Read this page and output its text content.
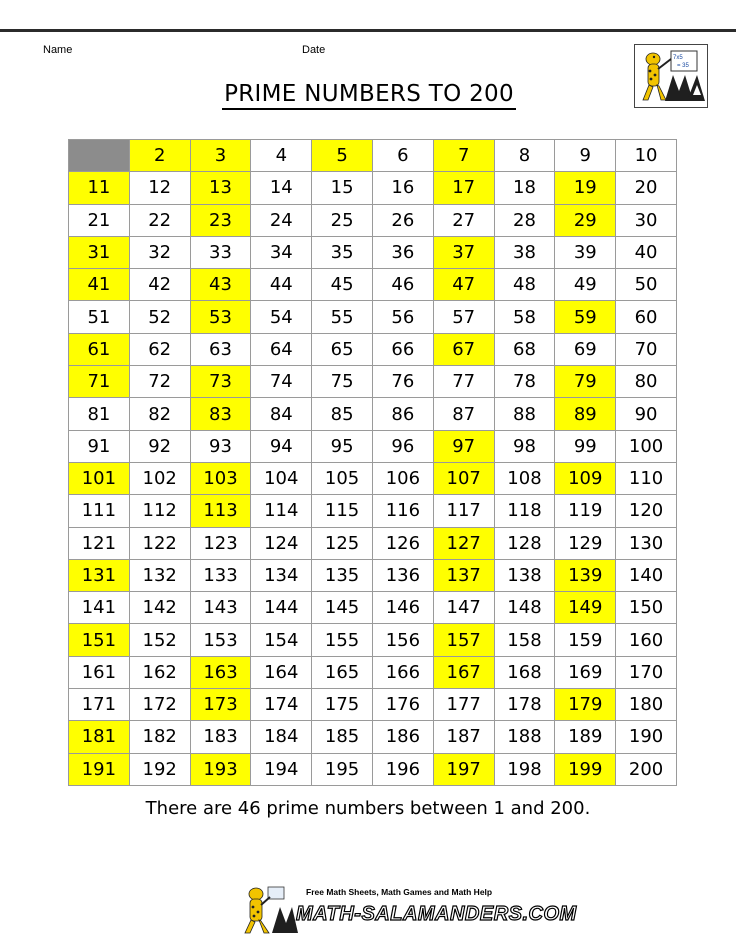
Name	Date
PRIME NUMBERS TO 200
7x5
= 35
	2	3	4	5	6	7	8	9	10
11	12	13	14	15	16	17	18	19	20
21	22	23	24	25	26	27	28	29	30
31	32	33	34	35	36	37	38	39	40
41	42	43	44	45	46	47	48	49	50
51	52	53	54	55	56	57	58	59	60
61	62	63	64	65	66	67	68	69	70
71	72	73	74	75	76	77	78	79	80
81	82	83	84	85	86	87	88	89	90
91	92	93	94	95	96	97	98	99	100
101	102	103	104	105	106	107	108	109	110
111	112	113	114	115	116	117	118	119	120
121	122	123	124	125	126	127	128	129	130
131	132	133	134	135	136	137	138	139	140
141	142	143	144	145	146	147	148	149	150
151	152	153	154	155	156	157	158	159	160
161	162	163	164	165	166	167	168	169	170
171	172	173	174	175	176	177	178	179	180
181	182	183	184	185	186	187	188	189	190
191	192	193	194	195	196	197	198	199	200
There are 46 prime numbers between 1 and 200.
Free Math Sheets, Math Games and Math Help
MATH-SALAMANDERS.COM
